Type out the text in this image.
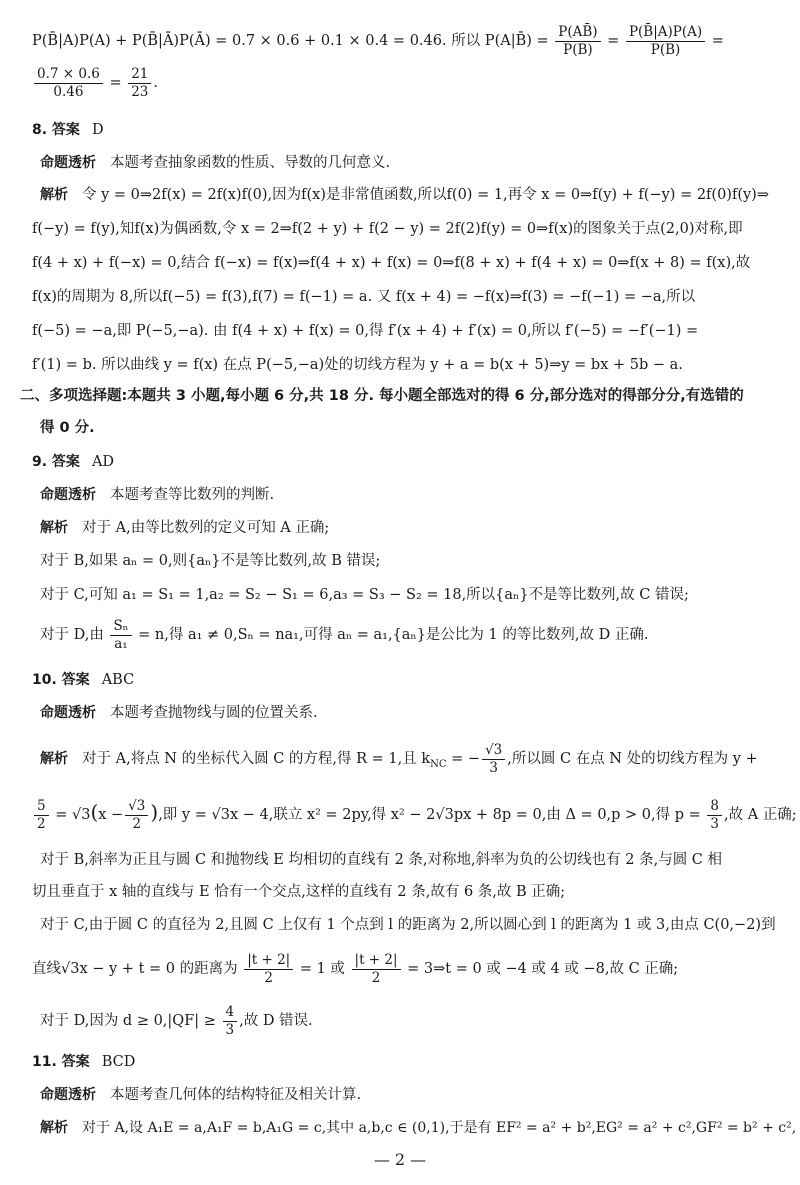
P(B̄|A)P(A) + P(B̄|Ā)P(Ā) = 0.7 × 0.6 + 0.1 × 0.4 = 0.46. 所以 P(A|B̄) = $\frac{P(AB̄)}{P(B̄)} = \frac{P(B̄|A)P(A)}{P(B̄)}$ =
$\frac{0.7 \times 0.6}{0.46} = \frac{21}{23}$ .
8. 答案 D
命题透析 本题考查抽象函数的性质、导数的几何意义.
解析 令 y = 0⇒2f(x) = 2f(x)f(0),因为f(x)是非常值函数,所以f(0) = 1,再令 x = 0⇒f(y) + f(−y) = 2f(0)f(y)⇒
f(−y) = f(y),知f(x)为偶函数,令 x = 2⇒f(2 + y) + f(2 − y) = 2f(2)f(y) = 0⇒f(x)的图象关于点(2,0)对称,即
f(4 + x) + f(−x) = 0,结合 f(−x) = f(x)⇒f(4 + x) + f(x) = 0⇒f(8 + x) + f(4 + x) = 0⇒f(x + 8) = f(x),故
f(x)的周期为 8,所以f(−5) = f(3),f(7) = f(−1) = a. 又 f(x + 4) = −f(x)⇒f(3) = −f(−1) = −a,所以
f(−5) = −a,即 P(−5,−a). 由 f(4 + x) + f(x) = 0,得 f′(x + 4) + f′(x) = 0,所以 f′(−5) = −f′(−1) =
f′(1) = b. 所以曲线 y = f(x) 在点 P(−5,−a)处的切线方程为 y + a = b(x + 5)⇒y = bx + 5b − a.
二、多项选择题:本题共 3 小题,每小题 6 分,共 18 分. 每小题全部选对的得 6 分,部分选对的得部分分,有选错的
得 0 分.
9. 答案 AD
命题透析 本题考查等比数列的判断.
解析 对于 A,由等比数列的定义可知 A 正确;
对于 B,如果 aₙ = 0,则{aₙ}不是等比数列,故 B 错误;
对于 C,可知 a₁ = S₁ = 1,a₂ = S₂ − S₁ = 6,a₃ = S₃ − S₂ = 18,所以{aₙ}不是等比数列,故 C 错误;
对于 D,由 $\frac{\text{Sₙ}}{\text{a₁}} = n$,得 a₁ ≠ 0,Sₙ = na₁,可得 aₙ = a₁,{aₙ}是公比为 1 的等比数列,故 D 正确.
10. 答案 ABC
命题透析 本题考查抛物线与圆的位置关系.
解析 对于 A,将点 N 的坐标代入圆 C 的方程,得 R = 1,且 $k_{NC}$ = − $\frac{√3}{3}$ ,所以圆 C 在点 N 处的切线方程为 y +
$\frac{5}{2} = √3(x - \frac{√3}{2}$ ),即 y = √3x − 4,联立 x² = 2py,得 x² − 2√3px + 8p = 0,由 Δ = 0,p > 0,得 $p = \frac{8}{3}$ ,故 A 正确;
对于 B,斜率为正且与圆 C 和抛物线 E 均相切的直线有 2 条,对称地,斜率为负的公切线也有 2 条,与圆 C 相
切且垂直于 x 轴的直线与 E 恰有一个交点,这样的直线有 2 条,故有 6 条,故 B 正确;
对于 C,由于圆 C 的直径为 2,且圆 C 上仅有 1 个点到 l 的距离为 2,所以圆心到 l 的距离为 1 或 3,由点 C(0,−2)到
直线√3x − y + t = 0 的距离为 $\frac{|t + 2|}{2} = 1$ 或 $\frac{|t + 2|}{2}$ = 3⇒t = 0 或 −4 或 4 或 −8,故 C 正确;
对于 D,因为 $d \ge 0,|QF| \ge \frac{4}{3}$ ,故 D 错误.
11. 答案 BCD
命题透析 本题考查几何体的结构特征及相关计算.
解析 对于 A,设 A₁E = a,A₁F = b,A₁G = c,其中 a,b,c ∈ (0,1),于是有 EF² = a² + b²,EG² = a² + c²,GF² = b² + c²,
— 2 —
